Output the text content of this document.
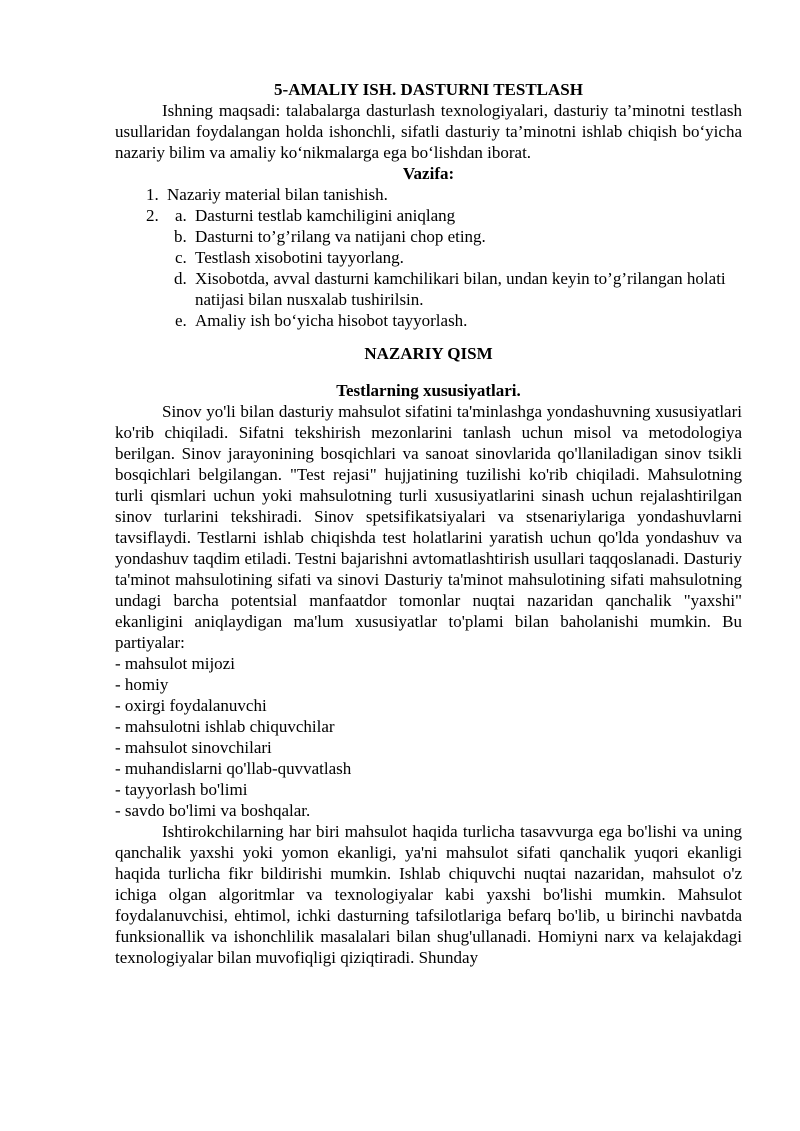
5-AMALIY ISH. DASTURNI TESTLASH

Ishning maqsadi: talabalarga dasturlash texnologiyalari, dasturiy ta’minotni testlash usullaridan foydalangan holda ishonchli, sifatli dasturiy ta’minotni ishlab chiqish bo‘yicha nazariy bilim va amaliy ko‘nikmalarga ega bo‘lishdan iborat.

Vazifa:
1. Nazariy material bilan tanishish.
a. 2. Dasturni testlab kamchiligini aniqlang
b. Dasturni to’g’rilang va natijani chop eting.
c. Testlash xisobotini tayyorlang.
d. Xisobotda, avval dasturni kamchilikari bilan, undan keyin to’g’rilangan holati natijasi bilan nusxalab tushirilsin.
e. Amaliy ish bo‘yicha hisobot tayyorlash.
NAZARIY QISM
Testlarning xususiyatlari.

Sinov yo'li bilan dasturiy mahsulot sifatini ta'minlashga yondashuvning xususiyatlari ko'rib chiqiladi. Sifatni tekshirish mezonlarini tanlash uchun misol va metodologiya berilgan. Sinov jarayonining bosqichlari va sanoat sinovlarida qo'llaniladigan sinov tsikli bosqichlari belgilangan. "Test rejasi" hujjatining tuzilishi ko'rib chiqiladi. Mahsulotning turli qismlari uchun yoki mahsulotning turli xususiyatlarini sinash uchun rejalashtirilgan sinov turlarini tekshiradi. Sinov spetsifikatsiyalari va stsenariylariga yondashuvlarni tavsiflaydi. Testlarni ishlab chiqishda test holatlarini yaratish uchun qo'lda yondashuv va yondashuv taqdim etiladi. Testni bajarishni avtomatlashtirish usullari taqqoslanadi. Dasturiy ta'minot mahsulotining sifati va sinovi Dasturiy ta'minot mahsulotining sifati mahsulotning undagi barcha potentsial manfaatdor tomonlar nuqtai nazaridan qanchalik "yaxshi" ekanligini aniqlaydigan ma'lum xususiyatlar to'plami bilan baholanishi mumkin. Bu partiyalar:

- mahsulot mijozi
- homiy
- oxirgi foydalanuvchi
- mahsulotni ishlab chiquvchilar
- mahsulot sinovchilari
- muhandislarni qo'llab-quvvatlash
- tayyorlash bo'limi
- savdo bo'limi va boshqalar.

Ishtirokchilarning har biri mahsulot haqida turlicha tasavvurga ega bo'lishi va uning qanchalik yaxshi yoki yomon ekanligi, ya'ni mahsulot sifati qanchalik yuqori ekanligi haqida turlicha fikr bildirishi mumkin. Ishlab chiquvchi nuqtai nazaridan, mahsulot o'z ichiga olgan algoritmlar va texnologiyalar kabi yaxshi bo'lishi mumkin. Mahsulot foydalanuvchisi, ehtimol, ichki dasturning tafsilotlariga befarq bo'lib, u birinchi navbatda funksionallik va ishonchlilik masalalari bilan shug'ullanadi. Homiyni narx va kelajakdagi texnologiyalar bilan muvofiqligi qiziqtiradi. Shunday
